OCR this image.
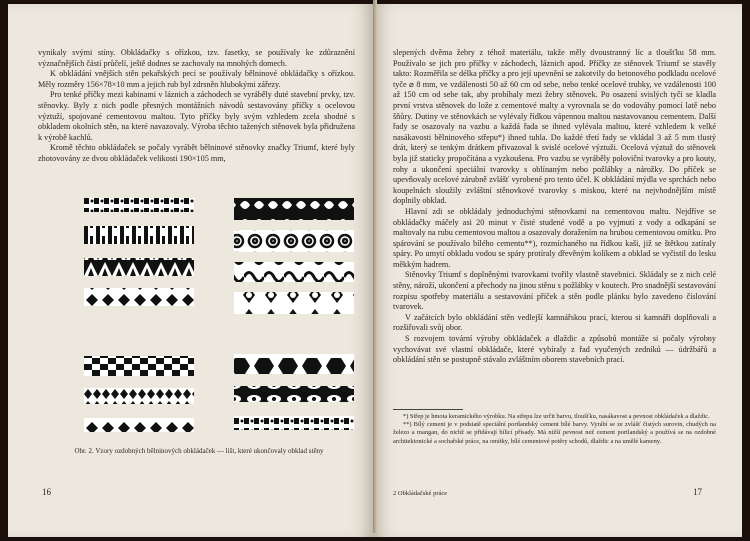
vynikaly svými stíny. Obkládačky s ořízkou, tzv. fasetky, se používaly ke zdůraznění význačnějších částí průčelí, ještě dodnes se zachovaly na mnohých domech.

K obkládání vnějších stěn pekařských pecí se používaly bělninové obkládačky s ořízkou. Měly rozměry 156×78×10 mm a jejich rub byl zdrsněn hlubokými zářezy.

Pro tenké příčky mezi kabinami v láznich a záchodech se vyráběly duté stavební prvky, tzv. stěnovky. Byly z nich podle přesných montážních návodů sestavovány příčky s ocelovou výztuží, spojované cementovou maltou. Tyto příčky byly svým vzhledem zcela shodné s obkladem okolních stěn, na které navazovaly. Výroba těchto tažených stěnovek byla přidružena k výrobě kachlů.

Kromě těchto obkládaček se počaly vyrábět bělninové stěnovky značky Triumf, které byly zhotovovány ze dvou obkládaček velikosti 190×105 mm,

Obr. 2. Vzory ozdobných bělninových obkládaček — lišt, které ukončovaly obklad stěny
16

slepených dvěma žebry z téhož materiálu, takže měly dvoustranný líc a tloušťku 58 mm. Používalo se jich pro příčky v záchodech, láznich apod. Příčky ze stěnovek Triumf se stavěly takto: Rozměřila se délka příčky a pro její upevnění se zakotvily do betonového podkladu ocelové tyče ⌀ 8 mm, ve vzdálenosti 50 až 60 cm od sebe, nebo tenké ocelové trubky, ve vzdálenosti 100 až 150 cm od sebe tak, aby probíhaly mezi žebry stěnovek. Po osazení svislých tyčí se kladla první vrstva stěnovek do lože z cementové malty a vyrovnala se do vodováhy pomocí latě nebo šňůry. Dutiny ve stěnovkách se vylévaly řídkou vápennou maltou nastavovanou cementem. Další řady se osazovaly na vazbu a každá řada se ihned vylévala maltou, které vzhledem k velké nasákavosti bělninového střepu*) ihned tuhla. Do každé třetí řady se vkládal 3 až 5 mm tlustý drát, který se tenkým drátkem přivazoval k svislé ocelové výztuži. Ocelová výztuž do stěnovek byla již staticky propočítána a vyzkoušena. Pro vazbu se vyráběly poloviční tvarovky a pro kouty, rohy a ukončení speciální tvarovky s oblínaným nebo požlábky a nárožky. Do příček se upevňovaly ocelové zárubně zvlášť vyrobené pro tento účel. K obkládání mýdla ve sprchách nebo koupelnách sloužily zvláštní stěnovkové tvarovky s miskou, které na nejvhodnějším místě doplnily obklad.

Hlavní zdi se obkládaly jednoduchými stěnovkami na cementovou maltu. Nejdříve se obkládačky máčely asi 20 minut v čisté studené vodě a po vyjmutí z vody a odkapání se maltovaly na rubu cementovou maltou a osazovaly doražením na hrubou cementovou omítku. Pro spárování se používalo bílého cementu**), rozmíchaného na řídkou kaši, již se štětkou zatíraly spáry. Po umytí obkladu vodou se spáry protíraly dřevěným kolíkem a obklad se vyčistil do lesku měkkým hadrem.

Stěnovky Triumf s doplněnými tvarovkami tvořily vlastně stavebnici. Skládaly se z nich celé stěny, nároží, ukončení a přechody na jinou stěnu s požlábky v koutech. Pro snadnější sestavování rozpisu spotřeby materiálu a sestavování příček a stěn podle plánku bylo zavedeno číslování tvarovek.

V začátcích bylo obkládání stěn vedlejší kamnářskou prací, kterou si kamnáři doplňovali a rozšiřovali svůj obor.

S rozvojem tovární výroby obkládaček a dlaždic a způsobů montáže si počaly výrobny vychovávat své vlastní obkládače, které vybíraly z řad vyučených zedníků — údržbářů a obkládání stěn se postupně stávalo zvláštním oborem stavebních prací.

*) Střep je hmota keramického výrobku. Na střepu lze určit barvu, tloušťku, nasákavost a pevnost obkládaček a dlaždic.

**) Bílý cement je v podstatě speciální portlandský cement bílé barvy. Vyrábí se ze zvlášť čistých surovin, chudých na železo a mangan, do nichž se přidávají bílicí přísady. Má nižší pevnost než cement portlandský a používá se na ozdobné architektonické a sochařské práce, na omítky, bílé cementové potěry schodů, dlaždic a na umělé kameny.

2 Obkládačské práce	17
